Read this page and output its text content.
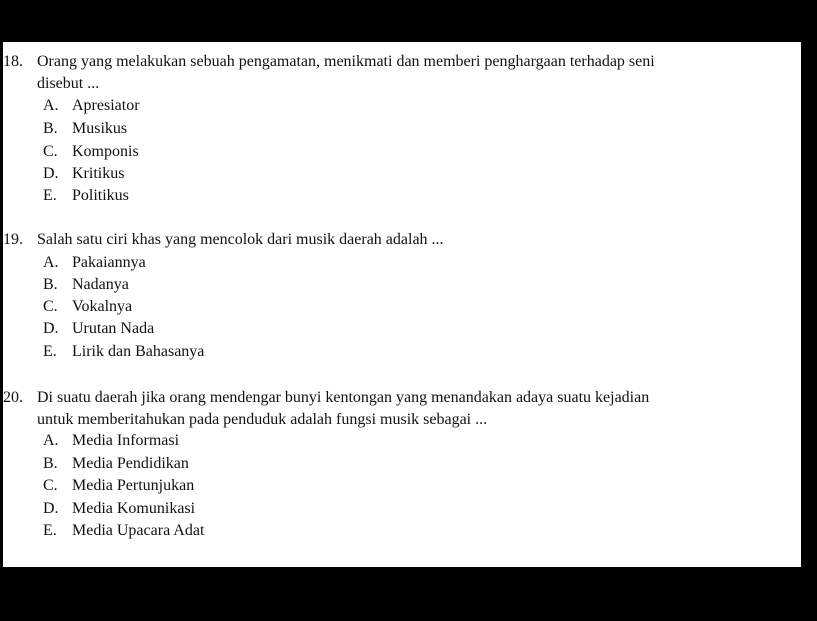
18. Orang yang melakukan sebuah pengamatan, menikmati dan memberi penghargaan terhadap seni
disebut ...
A. Apresiator
B. Musikus
C. Komponis
D. Kritikus
E. Politikus
19. Salah satu ciri khas yang mencolok dari musik daerah adalah ...
A. Pakaiannya
B. Nadanya
C. Vokalnya
D. Urutan Nada
E. Lirik dan Bahasanya
20. Di suatu daerah jika orang mendengar bunyi kentongan yang menandakan adaya suatu kejadian
untuk memberitahukan pada penduduk adalah fungsi musik sebagai ...
A. Media Informasi
B. Media Pendidikan
C. Media Pertunjukan
D. Media Komunikasi
E. Media Upacara Adat
